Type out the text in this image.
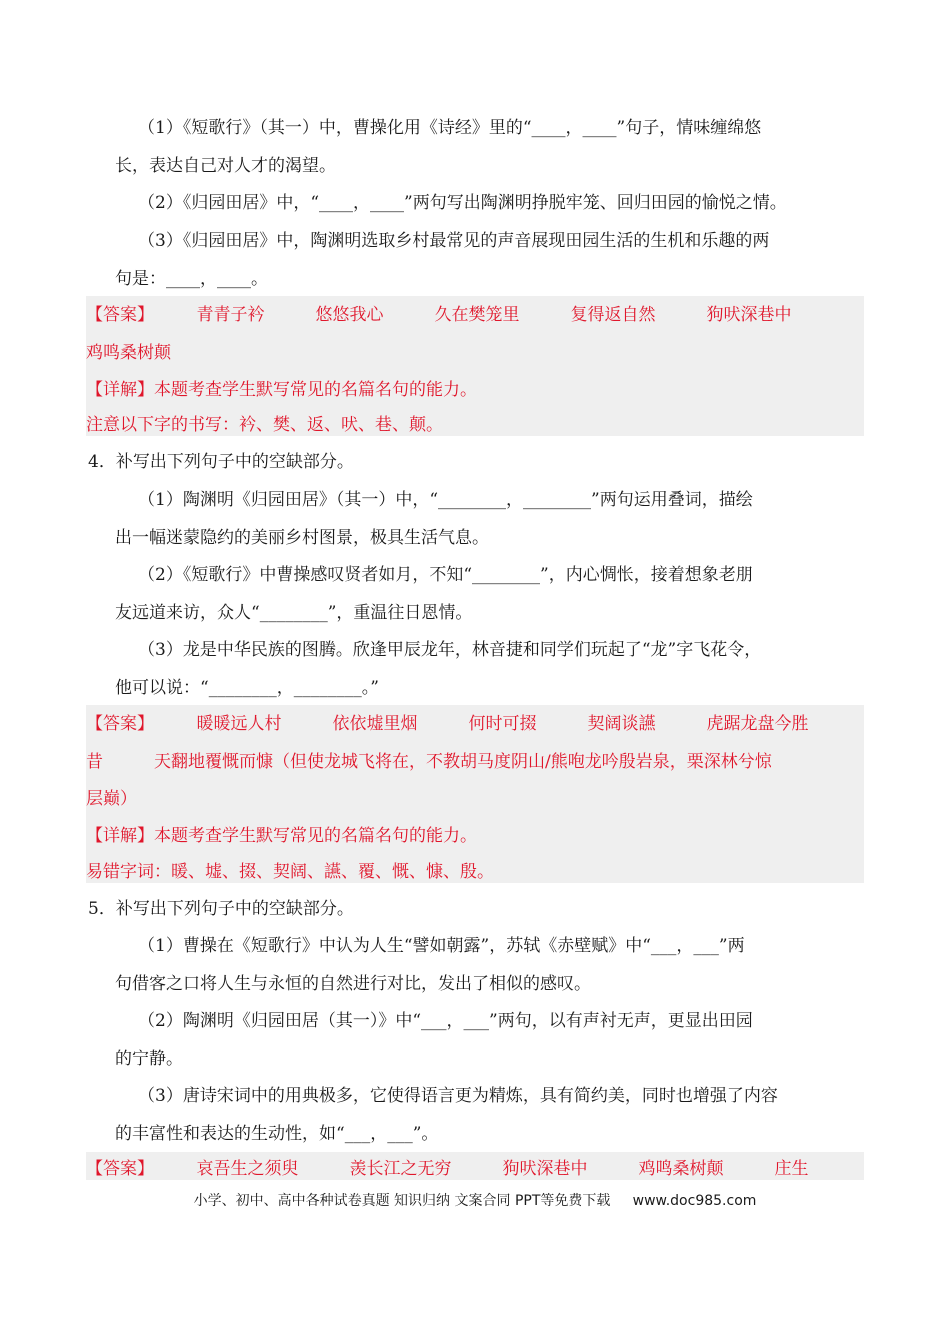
（1）《短歌行》（其一）中，曹操化用《诗经》里的“____，____”句子，情味缠绵悠
长，表达自己对人才的渴望。
（2）《归园田居》中，“____，____”两句写出陶渊明挣脱牢笼、回归田园的愉悦之情。
（3）《归园田居》中，陶渊明选取乡村最常见的声音展现田园生活的生机和乐趣的两
句是：____，____。
【答案】　　　青青子衿　　　悠悠我心　　　久在樊笼里　　　复得返自然　　　狗吠深巷中
鸡鸣桑树颠
【详解】本题考查学生默写常见的名篇名句的能力。
注意以下字的书写：衿、樊、返、吠、巷、颠。
4．补写出下列句子中的空缺部分。
（1）陶渊明《归园田居》（其一）中，“________，________”两句运用叠词，描绘
出一幅迷蒙隐约的美丽乡村图景，极具生活气息。
（2）《短歌行》中曹操感叹贤者如月，不知“________”，内心惆怅，接着想象老朋
友远道来访，众人“________”，重温往日恩情。
（3）龙是中华民族的图腾。欣逢甲辰龙年，林音捷和同学们玩起了“龙”字飞花令，
他可以说：“________，________。”
【答案】　　　暖暖远人村　　　依依墟里烟　　　何时可掇　　　契阔谈讌　　　虎踞龙盘今胜
昔　　　天翻地覆慨而慷（但使龙城飞将在，不教胡马度阴山/熊咆龙吟殷岩泉，栗深林兮惊
层巅）
【详解】本题考查学生默写常见的名篇名句的能力。
易错字词：暖、墟、掇、契阔、讌、覆、慨、慷、殷。
5．补写出下列句子中的空缺部分。
（1）曹操在《短歌行》中认为人生“譬如朝露”，苏轼《赤壁赋》中“___，___”两
句借客之口将人生与永恒的自然进行对比，发出了相似的感叹。
（2）陶渊明《归园田居（其一）》中“___，___”两句，以有声衬无声，更显出田园
的宁静。
（3）唐诗宋词中的用典极多，它使得语言更为精炼，具有简约美，同时也增强了内容
的丰富性和表达的生动性，如“___，___”。
【答案】　　　哀吾生之须臾　　　羡长江之无穷　　　狗吠深巷中　　　鸡鸣桑树颠　　　庄生
小学、初中、高中各种试卷真题 知识归纳 文案合同 PPT等免费下载 www.doc985.com
